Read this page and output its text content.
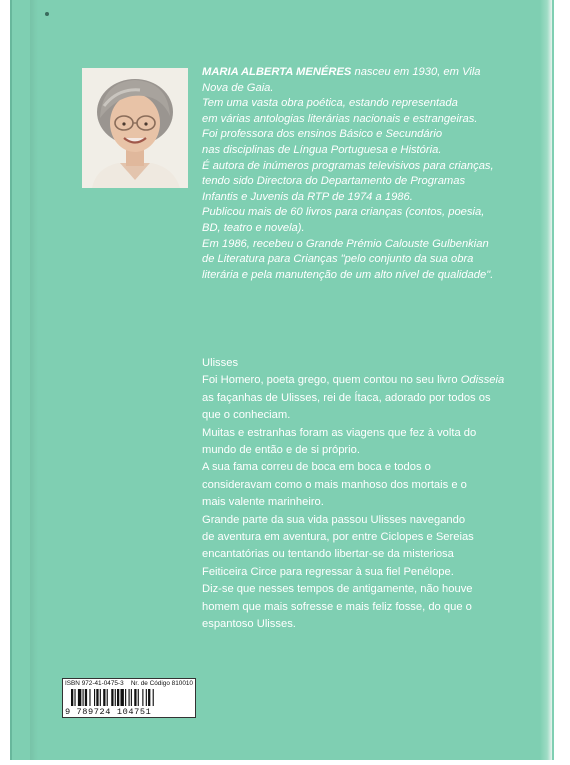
MARIA ALBERTA MENÉRES nasceu em 1930, em Vila

Nova de Gaia.

Tem uma vasta obra poética, estando representada

em várias antologias literárias nacionais e estrangeiras.

Foi professora dos ensinos Básico e Secundário

nas disciplinas de Língua Portuguesa e História.

É autora de inúmeros programas televisivos para crianças,

tendo sido Directora do Departamento de Programas

Infantis e Juvenis da RTP de 1974 a 1986.

Publicou mais de 60 livros para crianças (contos, poesia,

BD, teatro e novela).

Em 1986, recebeu o Grande Prémio Calouste Gulbenkian

de Literatura para Crianças "pelo conjunto da sua obra

literária e pela manutenção de um alto nível de qualidade".

Ulisses

Foi Homero, poeta grego, quem contou no seu livro Odisseia

as façanhas de Ulisses, rei de Ítaca, adorado por todos os

que o conheciam.

Muitas e estranhas foram as viagens que fez à volta do

mundo de então e de si próprio.

A sua fama correu de boca em boca e todos o

consideravam como o mais manhoso dos mortais e o

mais valente marinheiro.

Grande parte da sua vida passou Ulisses navegando

de aventura em aventura, por entre Ciclopes e Sereias

encantatórias ou tentando libertar-se da misteriosa

Feiticeira Circe para regressar à sua fiel Penélope.

Diz-se que nesses tempos de antigamente, não houve

homem que mais sofresse e mais feliz fosse, do que o

espantoso Ulisses.

ISBN 972-41-0475-3 Nr. de Código 810010
9 789724 104751
